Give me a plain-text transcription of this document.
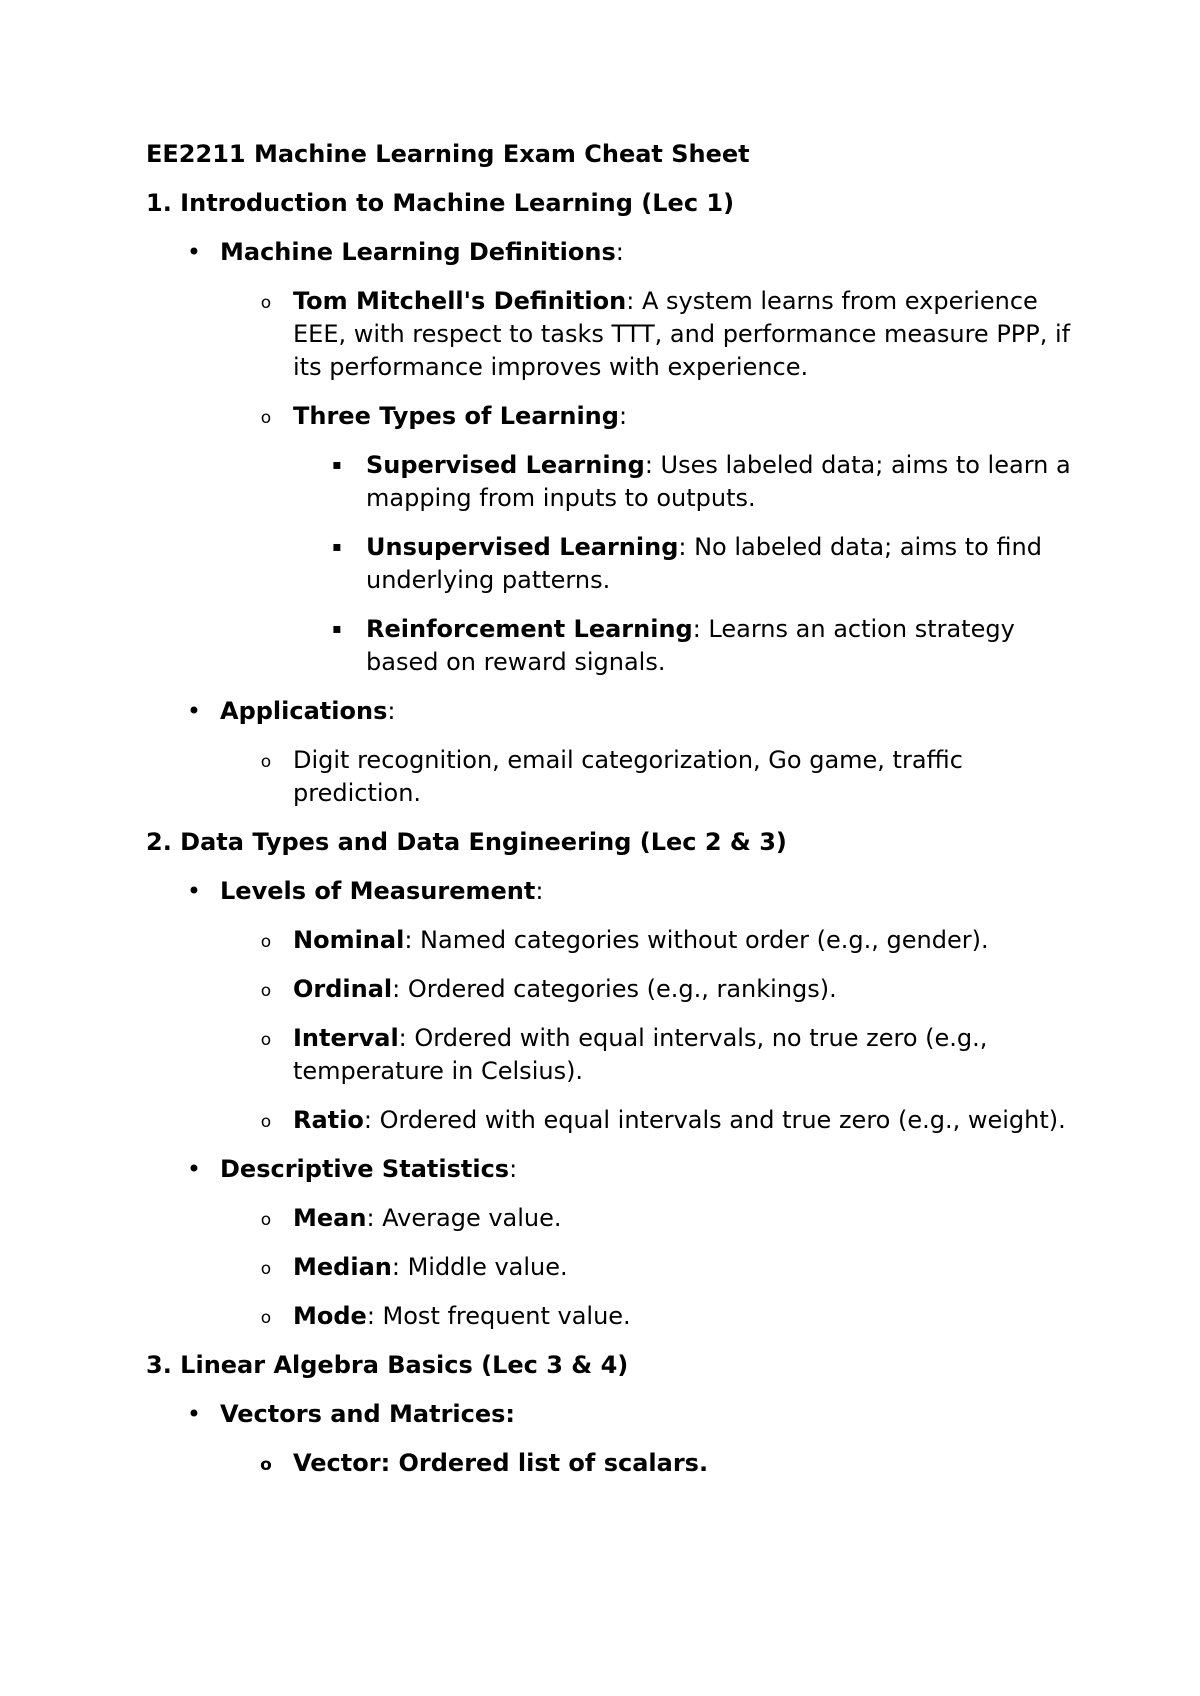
EE2211 Machine Learning Exam Cheat Sheet
1. Introduction to Machine Learning (Lec 1)
• Machine Learning Definitions:
o Tom Mitchell's Definition: A system learns from experience EEE, with respect to tasks TTT, and performance measure PPP, if its performance improves with experience.
o Three Types of Learning:
▪ Supervised Learning: Uses labeled data; aims to learn a mapping from inputs to outputs.
▪ Unsupervised Learning: No labeled data; aims to find underlying patterns.
▪ Reinforcement Learning: Learns an action strategy based on reward signals.
• Applications:
o Digit recognition, email categorization, Go game, traffic prediction.
2. Data Types and Data Engineering (Lec 2 & 3)
• Levels of Measurement:
o Nominal: Named categories without order (e.g., gender).
o Ordinal: Ordered categories (e.g., rankings).
o Interval: Ordered with equal intervals, no true zero (e.g., temperature in Celsius).
o Ratio: Ordered with equal intervals and true zero (e.g., weight).
• Descriptive Statistics:
o Mean: Average value.
o Median: Middle value.
o Mode: Most frequent value.
3. Linear Algebra Basics (Lec 3 & 4)
• Vectors and Matrices:
o Vector: Ordered list of scalars.
